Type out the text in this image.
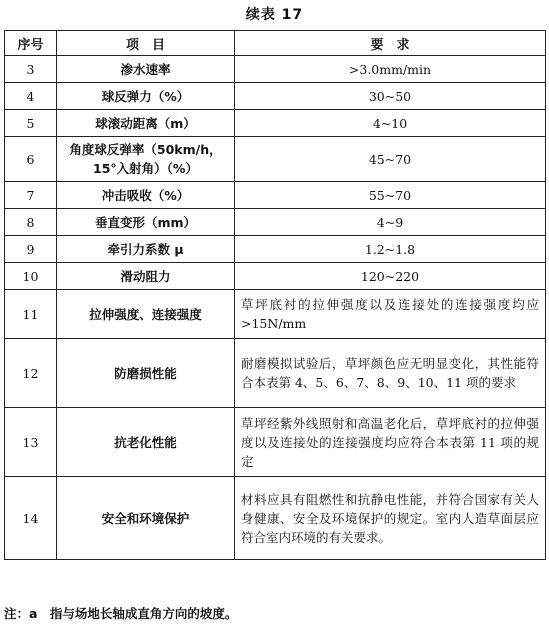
续表 17
序号	项　目	要　求
3	渗水速率	>3.0mm/min
4	球反弹力（%）	30~50
5	球滚动距离（m）	4~10
6	角度球反弹率（50km/h，15°入射角）（%）	45~70
7	冲击吸收（%）	55~70
8	垂直变形（mm）	4~9
9	牵引力系数 μ	1.2~1.8
10	滑动阻力	120~220
11	拉伸强度、连接强度	草坪底衬的拉伸强度以及连接处的连接强度均应>15N/mm
12	防磨损性能	耐磨模拟试验后，草坪颜色应无明显变化，其性能符合本表第 4、5、6、7、8、9、10、11 项的要求
13	抗老化性能	草坪经紫外线照射和高温老化后，草坪底衬的拉伸强度以及连接处的连接强度均应符合本表第 11 项的规定
14	安全和环境保护	材料应具有阻燃性和抗静电性能，并符合国家有关人身健康、安全及环境保护的规定。室内人造草面层应符合室内环境的有关要求。
注：a　指与场地长轴成直角方向的坡度。
